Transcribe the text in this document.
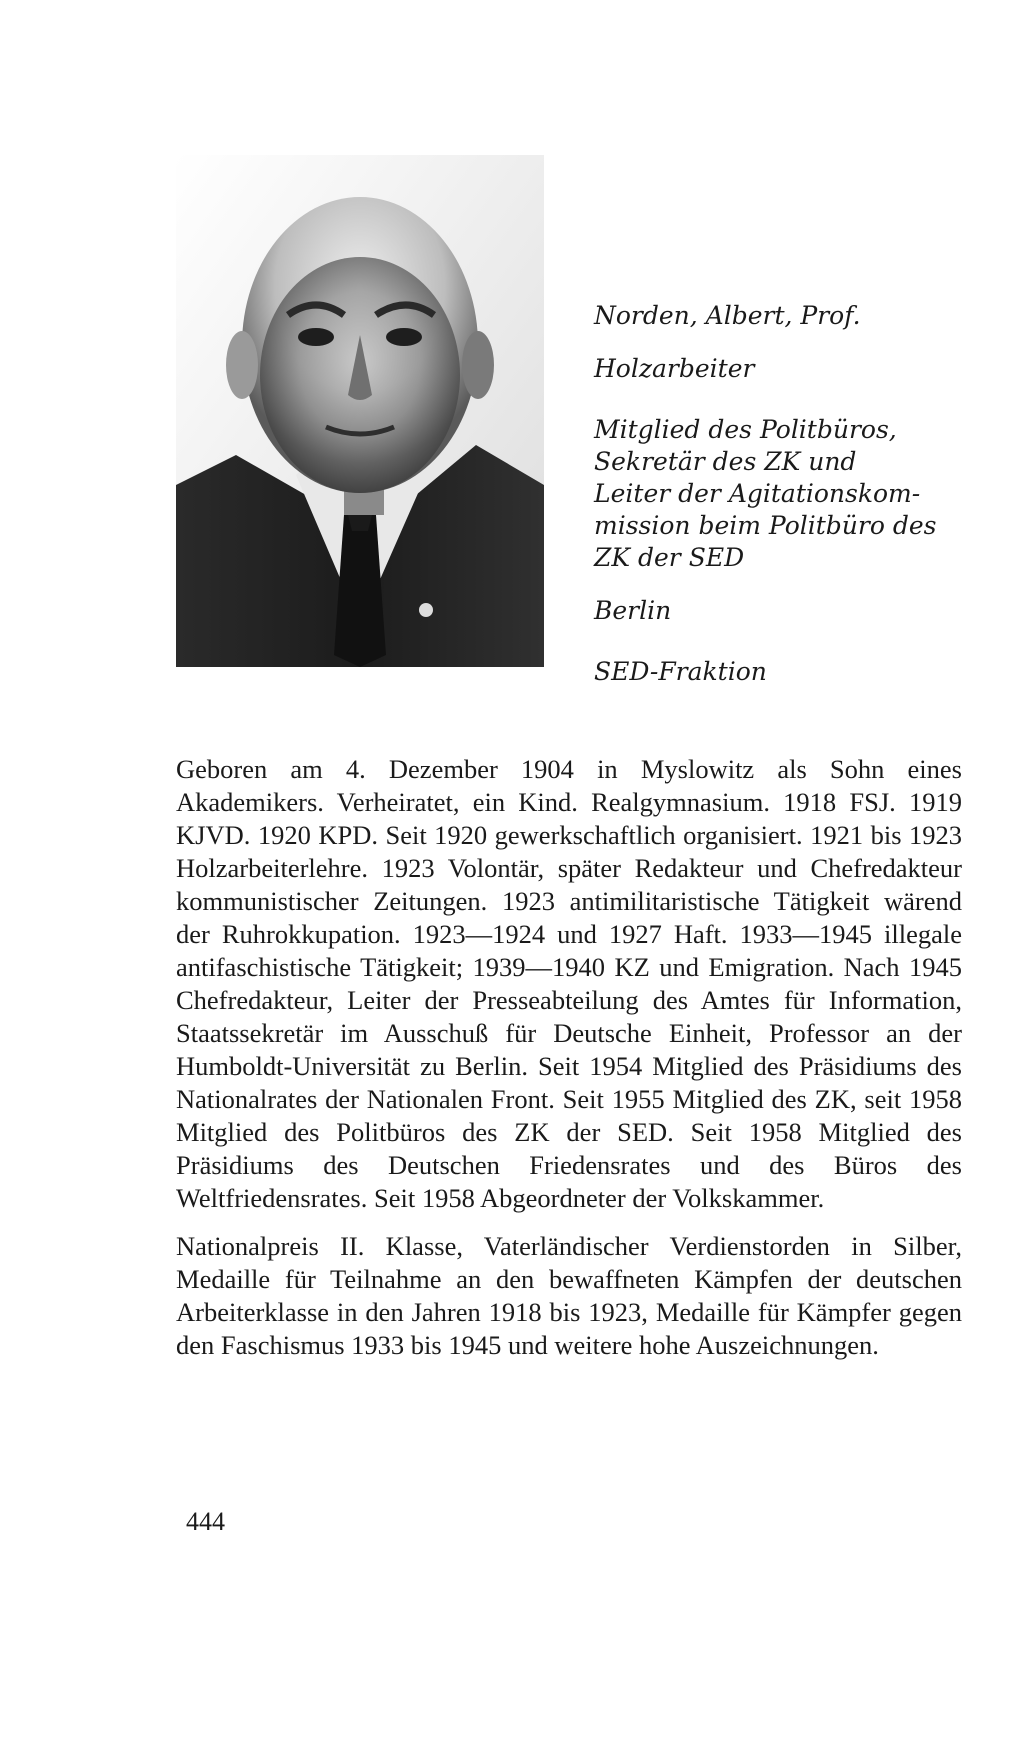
Norden, Albert, Prof.

Holzarbeiter

Mitglied des Politbüros,

Sekretär des ZK und

Leiter der Agitationskom-

mission beim Politbüro des

ZK der SED

Berlin

SED-Fraktion

Geboren am 4. Dezember 1904 in Myslowitz als Sohn eines Akademikers. Verheiratet, ein Kind. Realgymnasium. 1918 FSJ. 1919 KJVD. 1920 KPD. Seit 1920 gewerkschaftlich organisiert. 1921 bis 1923 Holzarbeiterlehre. 1923 Volontär, später Redakteur und Chefredakteur kommunistischer Zeitungen. 1923 antimilitaristische Tätigkeit wärend der Ruhrokkupation. 1923—1924 und 1927 Haft. 1933—1945 illegale antifaschistische Tätigkeit; 1939—1940 KZ und Emigration. Nach 1945 Chefredakteur, Leiter der Presseabteilung des Amtes für Information, Staatssekretär im Ausschuß für Deutsche Einheit, Professor an der Humboldt-Universität zu Berlin. Seit 1954 Mitglied des Präsidiums des Nationalrates der Nationalen Front. Seit 1955 Mitglied des ZK, seit 1958 Mitglied des Politbüros des ZK der SED. Seit 1958 Mitglied des Präsidiums des Deutschen Friedensrates und des Büros des Weltfriedensrates. Seit 1958 Abgeordneter der Volkskammer.

Nationalpreis II. Klasse, Vaterländischer Verdienstorden in Silber, Medaille für Teilnahme an den bewaffneten Kämpfen der deutschen Arbeiterklasse in den Jahren 1918 bis 1923, Medaille für Kämpfer gegen den Faschismus 1933 bis 1945 und weitere hohe Auszeichnungen.

444
